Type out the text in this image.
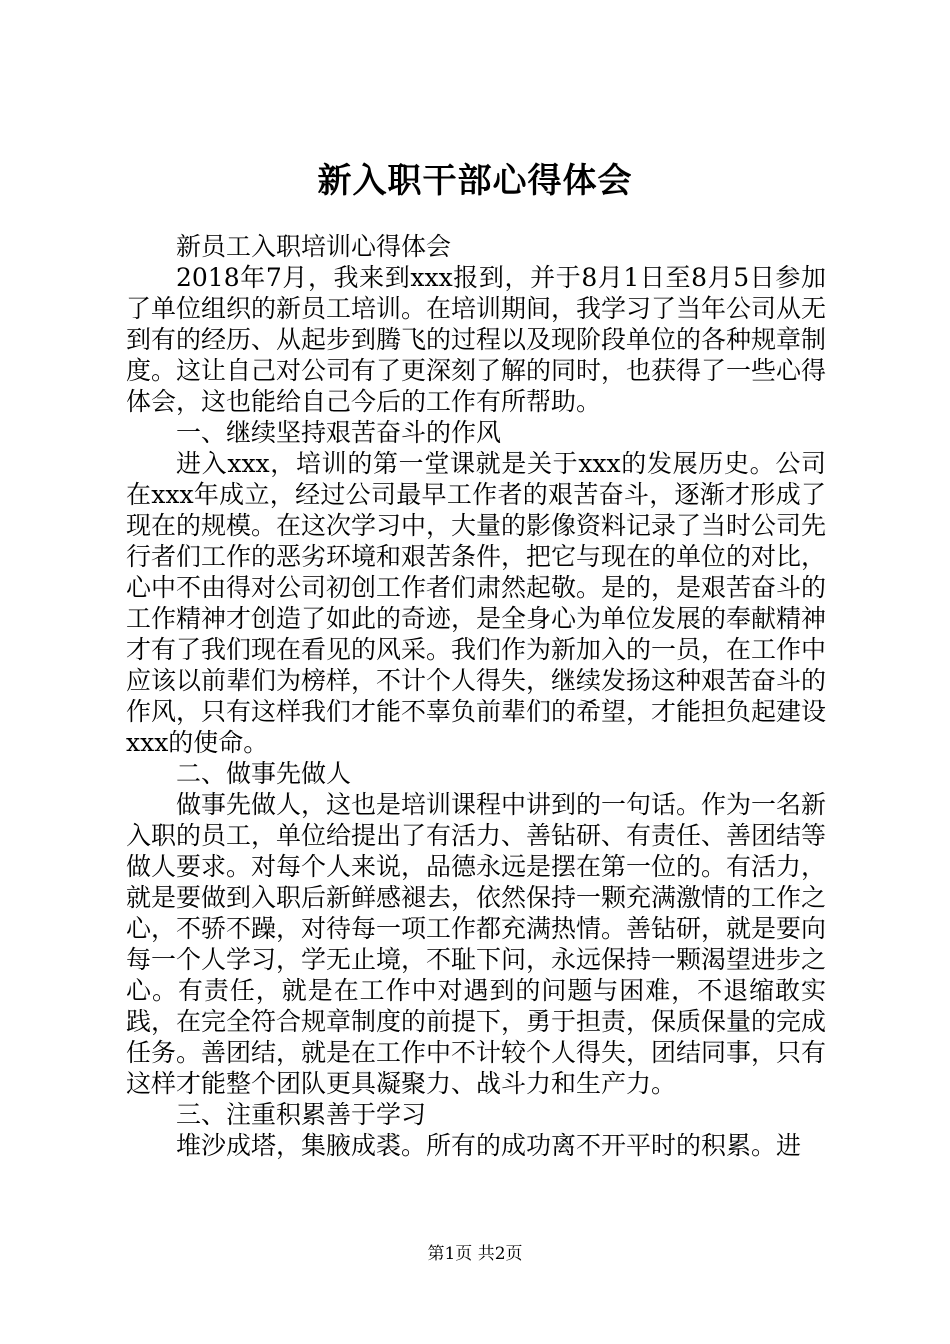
新入职干部心得体会

新员工入职培训心得体会

2018年7月，我来到xxx报到，并于8月1日至8月5日参加了单位组织的新员工培训。在培训期间，我学习了当年公司从无到有的经历、从起步到腾飞的过程以及现阶段单位的各种规章制度。这让自己对公司有了更深刻了解的同时，也获得了一些心得体会，这也能给自己今后的工作有所帮助。

一、继续坚持艰苦奋斗的作风

进入xxx，培训的第一堂课就是关于xxx的发展历史。公司在xxx年成立，经过公司最早工作者的艰苦奋斗，逐渐才形成了现在的规模。在这次学习中，大量的影像资料记录了当时公司先行者们工作的恶劣环境和艰苦条件，把它与现在的单位的对比，心中不由得对公司初创工作者们肃然起敬。是的，是艰苦奋斗的工作精神才创造了如此的奇迹，是全身心为单位发展的奉献精神才有了我们现在看见的风采。我们作为新加入的一员，在工作中应该以前辈们为榜样，不计个人得失，继续发扬这种艰苦奋斗的作风，只有这样我们才能不辜负前辈们的希望，才能担负起建设xxx的使命。

二、做事先做人

做事先做人，这也是培训课程中讲到的一句话。作为一名新入职的员工，单位给提出了有活力、善钻研、有责任、善团结等做人要求。对每个人来说，品德永远是摆在第一位的。有活力，就是要做到入职后新鲜感褪去，依然保持一颗充满激情的工作之心，不骄不躁，对待每一项工作都充满热情。善钻研，就是要向每一个人学习，学无止境，不耻下问，永远保持一颗渴望进步之心。有责任，就是在工作中对遇到的问题与困难，不退缩敢实践，在完全符合规章制度的前提下，勇于担责，保质保量的完成任务。善团结，就是在工作中不计较个人得失，团结同事，只有这样才能整个团队更具凝聚力、战斗力和生产力。

三、注重积累善于学习

堆沙成塔，集腋成裘。所有的成功离不开平时的积累。进

第1页 共2页
